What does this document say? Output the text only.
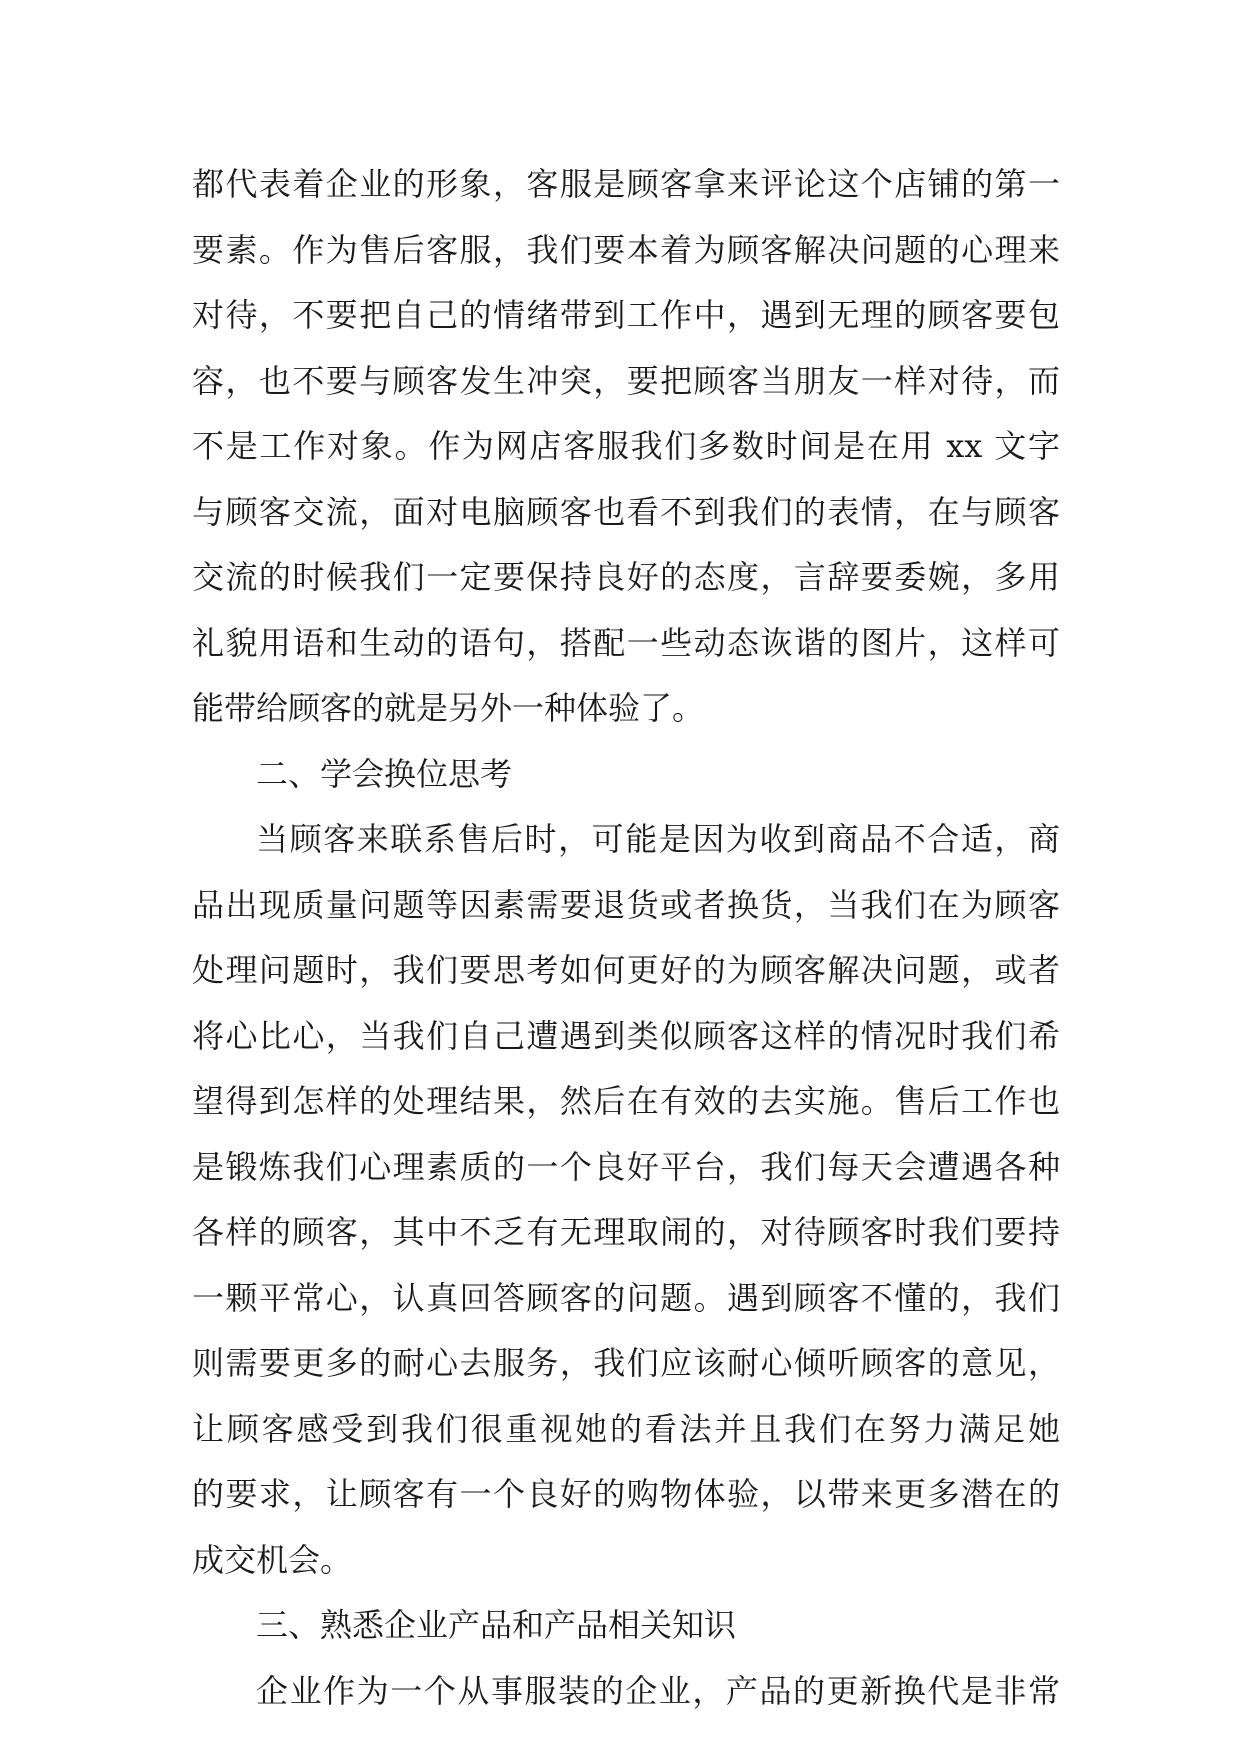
都代表着企业的形象，客服是顾客拿来评论这个店铺的第一
要素。作为售后客服，我们要本着为顾客解决问题的心理来
对待，不要把自己的情绪带到工作中，遇到无理的顾客要包
容，也不要与顾客发生冲突，要把顾客当朋友一样对待，而
不是工作对象。作为网店客服我们多数时间是在用 xx 文字
与顾客交流，面对电脑顾客也看不到我们的表情，在与顾客
交流的时候我们一定要保持良好的态度，言辞要委婉，多用
礼貌用语和生动的语句，搭配一些动态诙谐的图片，这样可
能带给顾客的就是另外一种体验了。
二、学会换位思考
当顾客来联系售后时，可能是因为收到商品不合适，商
品出现质量问题等因素需要退货或者换货，当我们在为顾客
处理问题时，我们要思考如何更好的为顾客解决问题，或者
将心比心，当我们自己遭遇到类似顾客这样的情况时我们希
望得到怎样的处理结果，然后在有效的去实施。售后工作也
是锻炼我们心理素质的一个良好平台，我们每天会遭遇各种
各样的顾客，其中不乏有无理取闹的，对待顾客时我们要持
一颗平常心，认真回答顾客的问题。遇到顾客不懂的，我们
则需要更多的耐心去服务，我们应该耐心倾听顾客的意见，
让顾客感受到我们很重视她的看法并且我们在努力满足她
的要求，让顾客有一个良好的购物体验，以带来更多潜在的
成交机会。
三、熟悉企业产品和产品相关知识
企业作为一个从事服装的企业，产品的更新换代是非常
